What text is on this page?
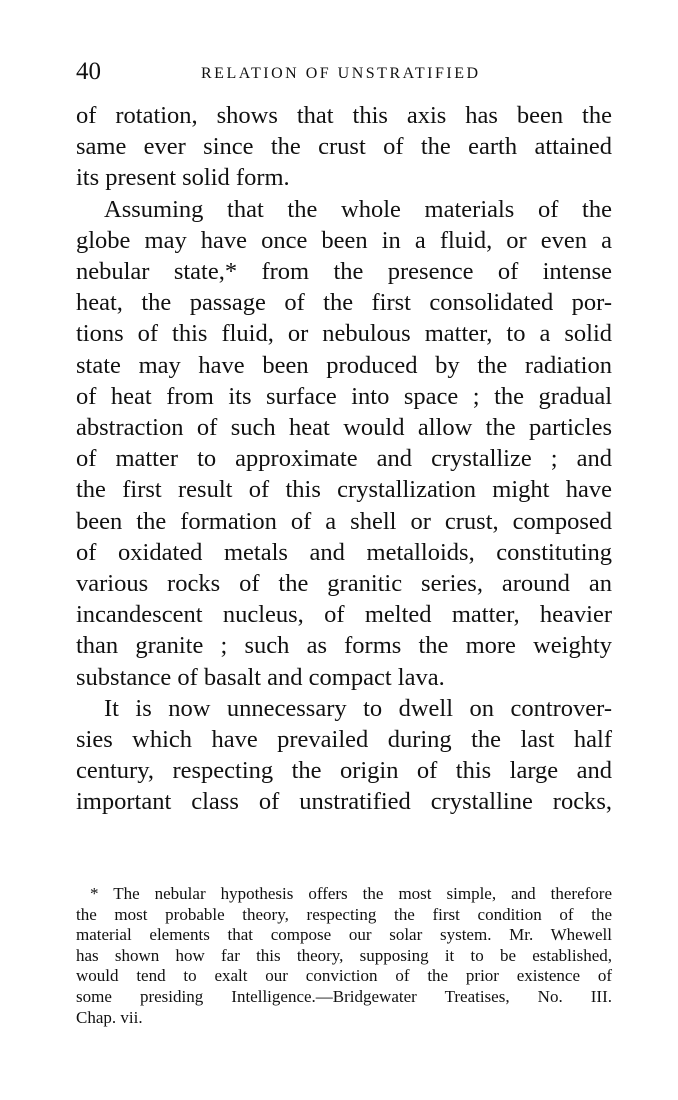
40	RELATION OF UNSTRATIFIED

of rotation, shows that this axis has been the
same ever since the crust of the earth attained
its present solid form.

Assuming that the whole materials of the
globe may have once been in a fluid, or even a
nebular state,* from the presence of intense
heat, the passage of the first consolidated por-
tions of this fluid, or nebulous matter, to a solid
state may have been produced by the radiation
of heat from its surface into space ; the gradual
abstraction of such heat would allow the particles
of matter to approximate and crystallize ; and
the first result of this crystallization might have
been the formation of a shell or crust, composed
of oxidated metals and metalloids, constituting
various rocks of the granitic series, around an
incandescent nucleus, of melted matter, heavier
than granite ; such as forms the more weighty
substance of basalt and compact lava.

It is now unnecessary to dwell on controver-
sies which have prevailed during the last half
century, respecting the origin of this large and
important class of unstratified crystalline rocks,

* The nebular hypothesis offers the most simple, and therefore
the most probable theory, respecting the first condition of the
material elements that compose our solar system. Mr. Whewell
has shown how far this theory, supposing it to be established,
would tend to exalt our conviction of the prior existence of
some presiding Intelligence.—Bridgewater Treatises, No. III.
Chap. vii.
